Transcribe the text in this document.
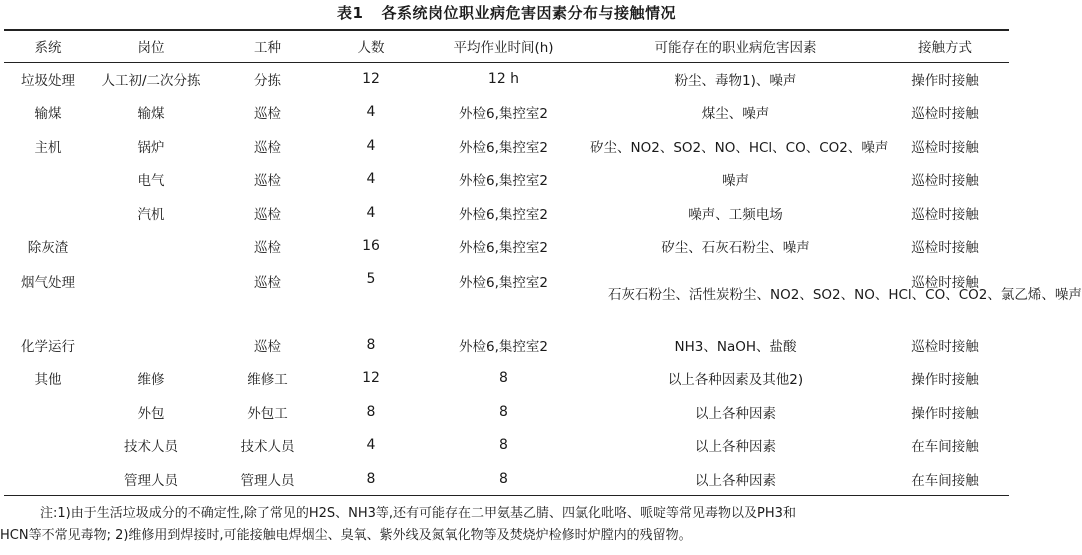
表1 各系统岗位职业病危害因素分布与接触情况
系统	岗位	工种	人数	平均作业时间(h)	可能存在的职业病危害因素	接触方式
垃圾处理	人工初/二次分拣	分拣	12	12 h	粉尘、毒物1)、噪声	操作时接触
输煤	输煤	巡检	4	外检6,集控室2	煤尘、噪声	巡检时接触
主机	锅炉	巡检	4	外检6,集控室2	矽尘、NO2、SO2、NO、HCl、CO、CO2、噪声	巡检时接触
	电气	巡检	4	外检6,集控室2	噪声	巡检时接触
	汽机	巡检	4	外检6,集控室2	噪声、工频电场	巡检时接触
除灰渣		巡检	16	外检6,集控室2	矽尘、石灰石粉尘、噪声	巡检时接触
烟气处理		巡检	5	外检6,集控室2	石灰石粉尘、活性炭粉尘、NO2、SO2、NO、HCl、CO、CO2、氯乙烯、噪声	巡检时接触
化学运行		巡检	8	外检6,集控室2	NH3、NaOH、盐酸	巡检时接触
其他	维修	维修工	12	8	以上各种因素及其他2)	操作时接触
	外包	外包工	8	8	以上各种因素	操作时接触
	技术人员	技术人员	4	8	以上各种因素	在车间接触
	管理人员	管理人员	8	8	以上各种因素	在车间接触

注:1)由于生活垃圾成分的不确定性,除了常见的H2S、NH3等,还有可能存在二甲氨基乙腈、四氯化吡咯、哌啶等常见毒物以及PH3和

HCN等不常见毒物; 2)维修用到焊接时,可能接触电焊烟尘、臭氧、紫外线及氮氧化物等及焚烧炉检修时炉膛内的残留物。
